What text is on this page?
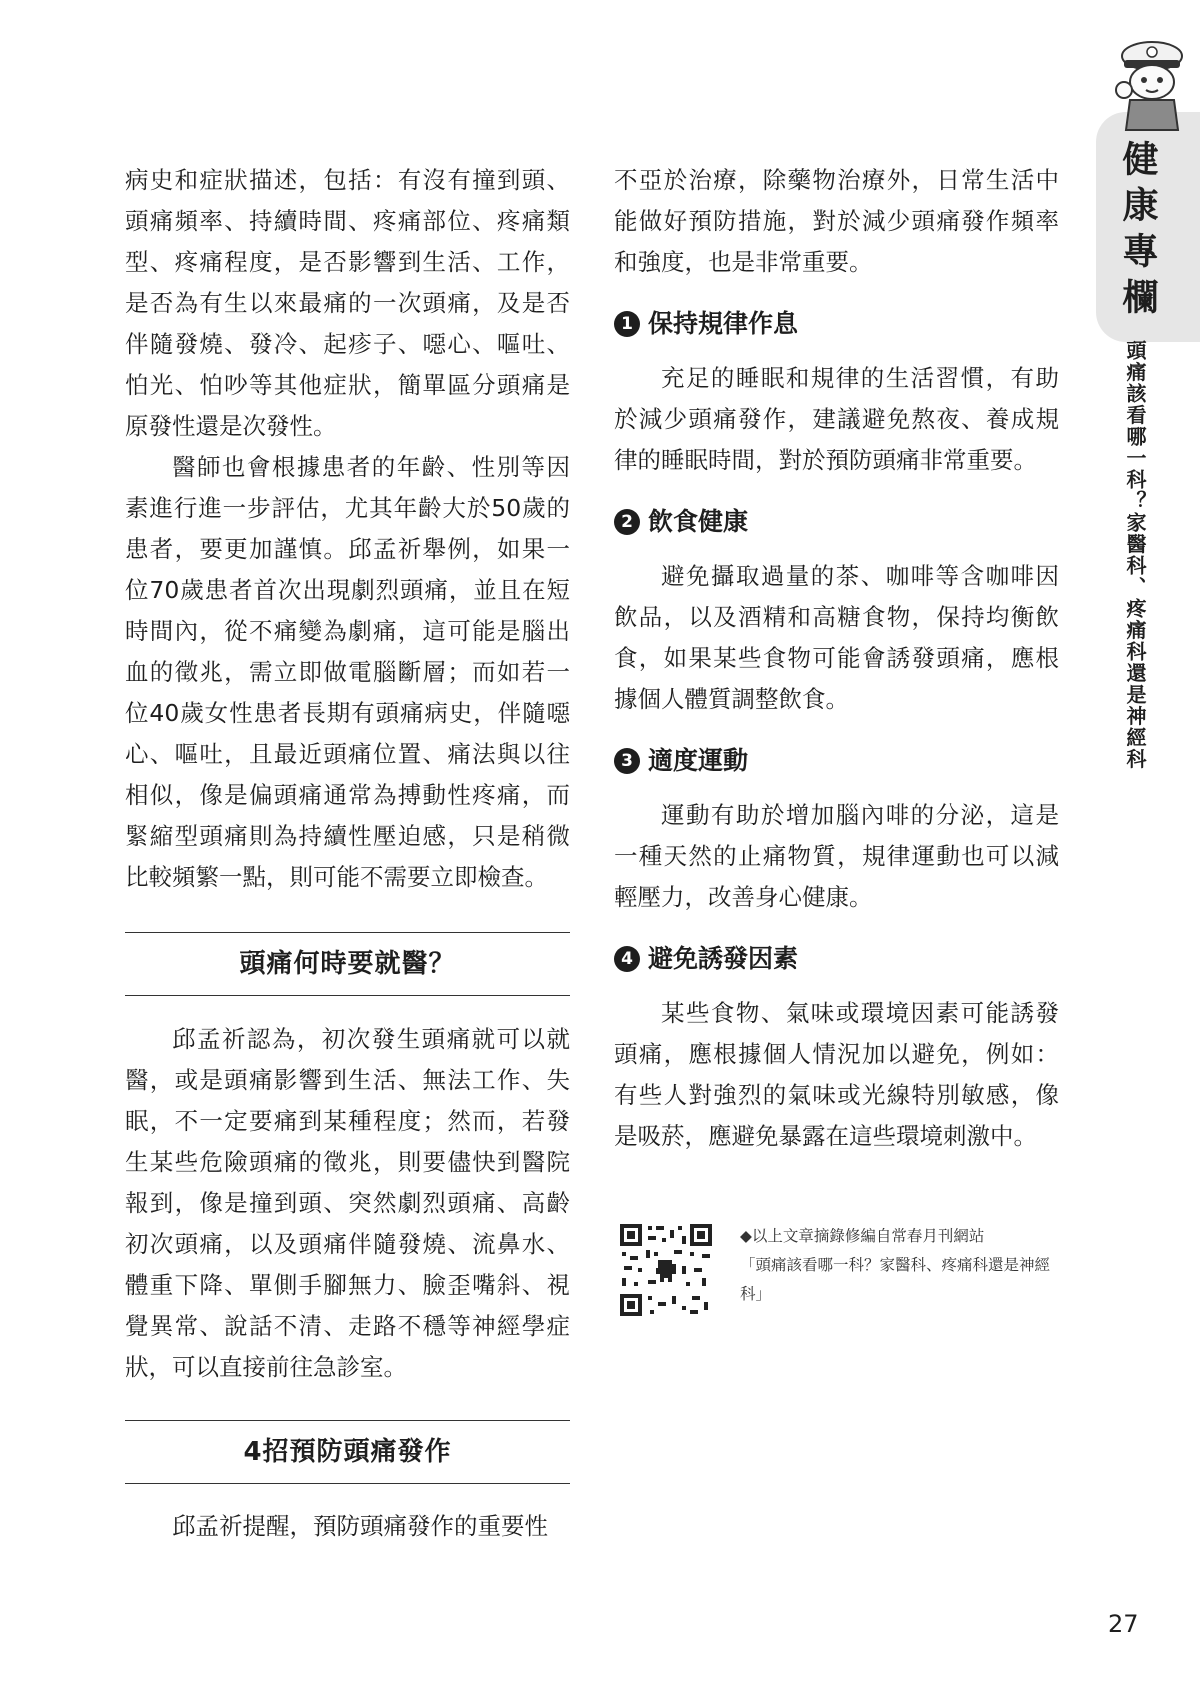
健康專欄
頭痛該看哪一科？家醫科、疼痛科還是神經科

病史和症狀描述，包括：有沒有撞到頭、頭痛頻率、持續時間、疼痛部位、疼痛類型、疼痛程度，是否影響到生活、工作，是否為有生以來最痛的一次頭痛，及是否伴隨發燒、發冷、起疹子、噁心、嘔吐、怕光、怕吵等其他症狀，簡單區分頭痛是原發性還是次發性。

醫師也會根據患者的年齡、性別等因素進行進一步評估，尤其年齡大於50歲的患者，要更加謹慎。邱孟祈舉例，如果一位70歲患者首次出現劇烈頭痛，並且在短時間內，從不痛變為劇痛，這可能是腦出血的徵兆，需立即做電腦斷層；而如若一位40歲女性患者長期有頭痛病史，伴隨噁心、嘔吐，且最近頭痛位置、痛法與以往相似，像是偏頭痛通常為搏動性疼痛，而緊縮型頭痛則為持續性壓迫感，只是稍微比較頻繁一點，則可能不需要立即檢查。

頭痛何時要就醫？

邱孟祈認為，初次發生頭痛就可以就醫，或是頭痛影響到生活、無法工作、失眠，不一定要痛到某種程度；然而，若發生某些危險頭痛的徵兆，則要儘快到醫院報到，像是撞到頭、突然劇烈頭痛、高齡初次頭痛，以及頭痛伴隨發燒、流鼻水、體重下降、單側手腳無力、臉歪嘴斜、視覺異常、說話不清、走路不穩等神經學症狀，可以直接前往急診室。

4招預防頭痛發作

邱孟祈提醒，預防頭痛發作的重要性

不亞於治療，除藥物治療外，日常生活中能做好預防措施，對於減少頭痛發作頻率和強度，也是非常重要。

1 保持規律作息

充足的睡眠和規律的生活習慣，有助於減少頭痛發作，建議避免熬夜、養成規律的睡眠時間，對於預防頭痛非常重要。

2 飲食健康

避免攝取過量的茶、咖啡等含咖啡因飲品，以及酒精和高糖食物，保持均衡飲食，如果某些食物可能會誘發頭痛，應根據個人體質調整飲食。

3 適度運動

運動有助於增加腦內啡的分泌，這是一種天然的止痛物質，規律運動也可以減輕壓力，改善身心健康。

4 避免誘發因素

某些食物、氣味或環境因素可能誘發頭痛，應根據個人情況加以避免，例如：有些人對強烈的氣味或光線特別敏感，像是吸菸，應避免暴露在這些環境刺激中。

◆以上文章摘錄修編自常春月刊網站

「頭痛該看哪一科？家醫科、疼痛科還是神經科」

27
